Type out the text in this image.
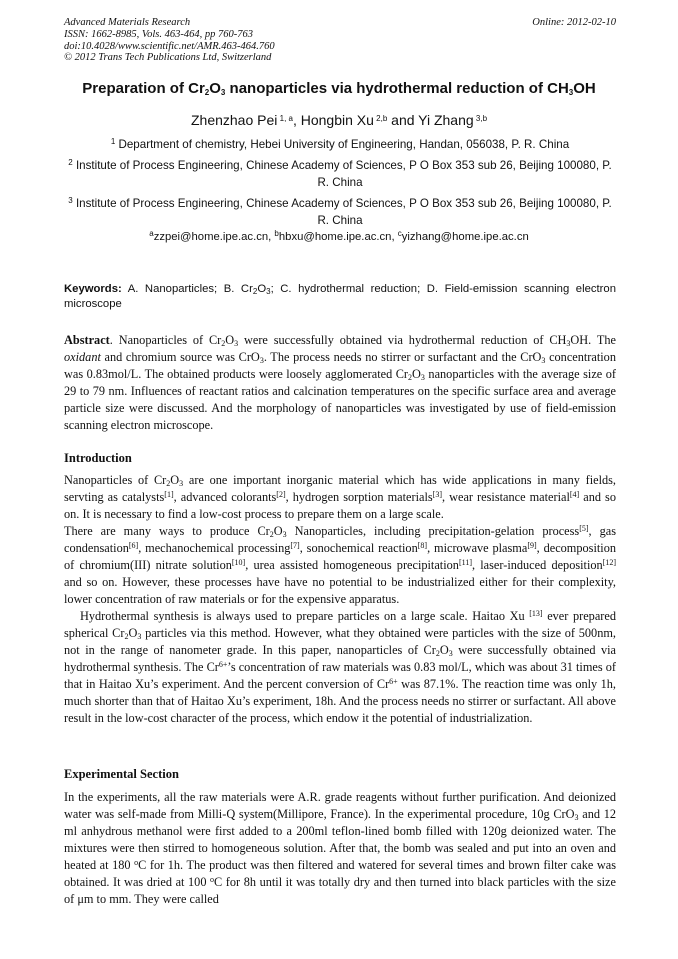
Advanced Materials Research
ISSN: 1662-8985, Vols. 463-464, pp 760-763
doi:10.4028/www.scientific.net/AMR.463-464.760
© 2012 Trans Tech Publications Ltd, Switzerland
Online: 2012-02-10
Preparation of $Cr_2O_3$ nanoparticles via hydrothermal reduction of $CH_3OH$
Zhenzhao Pei $^{1, a}$, Hongbin Xu $^{2,b}$ and Yi Zhang $^{3,b}$
$^1$ Department of chemistry, Hebei University of Engineering, Handan, 056038, P. R. China
$^2$ Institute of Process Engineering, Chinese Academy of Sciences, P O Box 353 sub 26, Beijing 100080, P. R. China
$^3$ Institute of Process Engineering, Chinese Academy of Sciences, P O Box 353 sub 26, Beijing 100080, P. R. China
$^a$zzpei@home.ipe.ac.cn, $^b$hbxu@home.ipe.ac.cn, $^c$yizhang@home.ipe.ac.cn
Keywords: A. Nanoparticles; B. $Cr_2O_3$; C. hydrothermal reduction; D. Field-emission scanning electron microscope
Abstract. Nanoparticles of $Cr_2O_3$ were successfully obtained via hydrothermal reduction of $CH_3OH$. The oxidant and chromium source was CrO$_3$. The process needs no stirrer or surfactant and the CrO$_3$ concentration was 0.83mol/L. The obtained products were loosely agglomerated $Cr_2O_3$ nanoparticles with the average size of 29 to 79 nm. Influences of reactant ratios and calcination temperatures on the specific surface area and average particle size were discussed. And the morphology of nanoparticles was investigated by use of field-emission scanning electron microscope.
Introduction

Nanoparticles of $Cr_2O_3$ are one important inorganic material which has wide applications in many fields, servting as catalysts[1], advanced colorants[2], hydrogen sorption materials[3], wear resistance material[4] and so on. It is necessary to find a low-cost process to prepare them on a large scale.

There are many ways to produce $Cr_2O_3$ Nanoparticles, including precipitation-gelation process[5], gas condensation[6], mechanochemical processing[7], sonochemical reaction[8], microwave plasma[9], decomposition of chromium(III) nitrate solution[10], urea assisted homogeneous precipitation[11], laser-induced deposition[12] and so on. However, these processes have have no potential to be industrialized either for their complexity, lower concentration of raw materials or for the expensive apparatus.

Hydrothermal synthesis is always used to prepare particles on a large scale. Haitao Xu [13] ever prepared spherical $Cr_2O_3$ particles via this method. However, what they obtained were particles with the size of 500nm, not in the range of nanometer grade. In this paper, nanoparticles of $Cr_2O_3$ were successfully obtained via hydrothermal synthesis. The $Cr^{6+}’s$ concentration of raw materials was 0.83 mol/L, which was about 31 times of that in Haitao Xu’s experiment. And the percent conversion of $Cr^{6+}$ was 87.1%. The reaction time was only 1h, much shorter than that of Haitao Xu’s experiment, 18h. And the process needs no stirrer or surfactant. All above result in the low-cost character of the process, which endow it the potential of industrialization.

Experimental Section

In the experiments, all the raw materials were A.R. grade reagents without further purification. And deionized water was self-made from Milli-Q system(Millipore, France). In the experimental procedure, 10g CrO$_3$ and 12 ml anhydrous methanol were first added to a 200ml teflon-lined bomb filled with 120g deionized water. The mixtures were then stirred to homogeneous solution. After that, the bomb was sealed and put into an oven and heated at 180 $^o$C for 1h. The product was then filtered and watered for several times and brown filter cake was obtained. It was dried at 100 $^o$C for 8h until it was totally dry and then turned into black particles with the size of μm to mm. They were called
